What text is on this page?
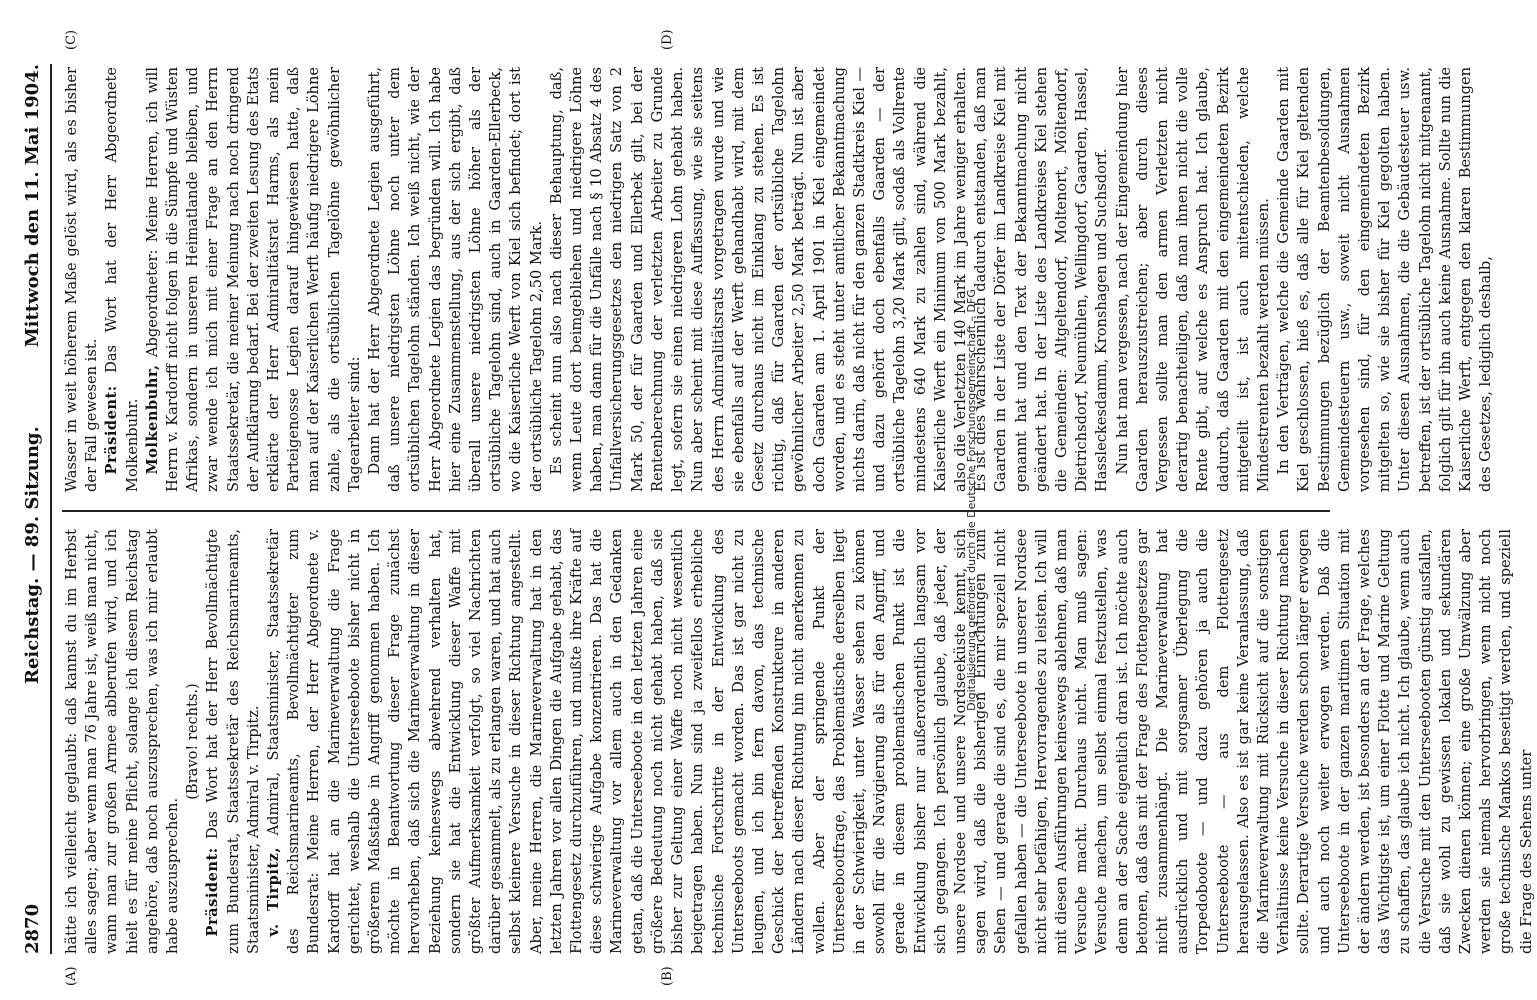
2870
Reichstag. — 89. Sitzung.
Mittwoch den 11. Mai 1904.
(A)	(B)
(C)	(D)

hätte ich vielleicht geglaubt: daß kannst du im Herbst alles sagen; aber wenn man 76 Jahre ist, weiß man nicht, wann man zur großen Armee abberufen wird, und ich hielt es für meine Pflicht, solange ich diesem Reichstag angehöre, daß noch auszusprechen, was ich mir erlaubt habe auszusprechen.

(Bravo! rechts.)

Präsident: Das Wort hat der Herr Bevollmächtigte zum Bundesrat, Staatssekretär des Reichsmarineamts, Staatsminister, Admiral v. Tirpitz. v. Tirpitz, Admiral, Staatsminister, Staatssekretär des Reichsmarineamts, Bevollmächtigter zum Bundesrat: Meine Herren, der Herr Abgeordnete v. Kardorff hat an die Marineverwaltung die Frage gerichtet, weshalb die Unterseeboote bisher nicht in größerem Maßstabe in Angriff genommen haben. Ich möchte in Beantwortung dieser Frage zunächst hervorheben, daß sich die Marineverwaltung in dieser Beziehung keineswegs abwehrend verhalten hat, sondern sie hat die Entwicklung dieser Waffe mit größter Aufmerksamkeit verfolgt, so viel Nachrichten darüber gesammelt, als zu erlangen waren, und hat auch selbst kleinere Versuche in dieser Richtung angestellt. Aber, meine Herren, die Marineverwaltung hat in den letzten Jahren vor allen Dingen die Aufgabe gehabt, das Flottengesetz durchzuführen, und mußte ihre Kräfte auf diese schwierige Aufgabe konzentrieren. Das hat die Marineverwaltung vor allem auch in den Gedanken getan, daß die Unterseeboote in den letzten Jahren eine größere Bedeutung noch nicht gehabt haben, daß sie bisher zur Geltung einer Waffe noch nicht wesentlich beigetragen haben. Nun sind ja zweifellos erhebliche technische Fortschritte in der Entwicklung des Unterseeboots gemacht worden. Das ist gar nicht zu leugnen, und ich bin fern davon, das technische Geschick der betreffenden Konstrukteure in anderen Ländern nach dieser Richtung hin nicht anerkennen zu wollen. Aber der springende Punkt der Unterseebootfrage, das Problematische derselben liegt in der Schwierigkeit, unter Wasser sehen zu können sowohl für die Navigierung als für den Angriff, und gerade in diesem problematischen Punkt ist die Entwicklung bisher nur außerordentlich langsam vor sich gegangen. Ich persönlich glaube, daß jeder, der unsere Nordsee und unsere Nordseeküste kennt, sich sagen wird, daß die bisherigen Einrichtungen zum Sehen — und gerade die sind es, die mir speziell nicht gefallen haben — die Unterseeboote in unserer Nordsee nicht sehr befähigen, Hervorragendes zu leisten. Ich will mit diesen Ausführungen keineswegs ablehnen, daß man Versuche macht. Durchaus nicht. Man muß sagen: Versuche machen, um selbst einmal festzustellen, was denn an der Sache eigentlich dran ist. Ich möchte auch betonen, daß das mit der Frage des Flottengesetzes gar nicht zusammenhängt. Die Marineverwaltung hat ausdrücklich und mit sorgsamer Überlegung die Torpedoboote — und dazu gehören ja auch die Unterseeboote — aus dem Flottengesetz herausgelassen. Also es ist gar keine Veranlassung, daß die Marineverwaltung mit Rücksicht auf die sonstigen Verhältnisse keine Versuche in dieser Richtung machen sollte. Derartige Versuche werden schon länger erwogen und auch noch weiter erwogen werden. Daß die Unterseeboote in der ganzen maritimen Situation mit der ändern werden, ist besonders an der Frage, welches das Wichtigste ist, um einer Flotte und Marine Geltung zu schaffen, das glaube ich nicht. Ich glaube, wenn auch die Versuche mit den Unterseebooten günstig ausfallen, daß sie wohl zu gewissen lokalen und sekundären Zwecken dienen können; eine große Umwälzung aber werden sie niemals hervorbringen, wenn nicht noch große technische Mankos beseitigt werden, und speziell die Frage des Sehens unter

Wasser in weit höherem Maße gelöst wird, als es bisher der Fall gewesen ist. Präsident: Das Wort hat der Herr Abgeordnete Molkenbuhr. Molkenbuhr, Abgeordneter: Meine Herren, ich will Herrn v. Kardorff nicht folgen in die Sümpfe und Wüsten Afrikas, sondern in unseren Heimatlande bleiben, und zwar wende ich mich mit einer Frage an den Herrn Staatssekretär, die meiner Meinung nach noch dringend der Aufklärung bedarf. Bei der zweiten Lesung des Etats erklärte der Herr Admiralitätsrat Harms, als mein Parteigenosse Legien darauf hingewiesen hatte, daß man auf der Kaiserlichen Werft häufig niedrigere Löhne zahle, als die ortsüblichen Tagelöhne gewöhnlicher Tagearbeiter sind: Dann hat der Herr Abgeordnete Legien ausgeführt, daß unsere niedrigsten Löhne noch unter dem ortsüblichen Tagelohn ständen. Ich weiß nicht, wie der Herr Abgeordnete Legien das begründen will. Ich habe hier eine Zusammenstellung, aus der sich ergibt, daß überall unsere niedrigsten Löhne höher als der ortsübliche Tagelohn sind, auch in Gaarden-Ellerbeck, wo die Kaiserliche Werft von Kiel sich befindet; dort ist der ortsübliche Tagelohn 2,50 Mark. Es scheint nun also nach dieser Behauptung, daß, wenn Leute dort beimgebliehen und niedrigere Löhne haben, man dann für die Unfälle nach § 10 Absatz 4 des Unfallversicherungsgesetzes den niedrigen Satz von 2 Mark 50, der für Gaarden und Ellerbek gilt, bei der Rentenberechnung der verletzten Arbeiter zu Grunde legt, sofern sie einen niedrigeren Lohn gehabt haben. Nun aber scheint mit diese Auffassung, wie sie seitens des Herrn Admiralitätsrats vorgetragen wurde und wie sie ebenfalls auf der Werft gehandhabt wird, mit dem Gesetz durchaus nicht im Einklang zu stehen. Es ist richtig, daß für Gaarden der ortsübliche Tagelohn gewöhnlicher Arbeiter 2,50 Mark beträgt. Nun ist aber doch Gaarden am 1. April 1901 in Kiel eingemeindet worden, und es steht unter amtlicher Bekanntmachung nichts darin, daß nicht für den ganzen Stadtkreis Kiel — und dazu gehört doch ebenfalls Gaarden — der ortsübliche Tagelohn 3,20 Mark gilt, sodaß als Vollrente mindestens 640 Mark zu zahlen sind, während die Kaiserliche Werft ein Minimum von 500 Mark bezahlt, also die Verletzten 140 Mark im Jahre weniger erhalten. Es ist dies wahrscheinlich dadurch entstanden, daß man Gaarden in der Liste der Dörfer im Landkreise Kiel mit genannt hat und den Text der Bekanntmachung nicht geändert hat. In der Liste des Landkreises Kiel stehen die Gemeinden: Altgeltendorf, Moltenort, Möltendorf, Dietrichsdorf, Neumühlen, Wellingdorf, Gaarden, Hassel, Hassleckesdamm, Kronshagen und Suchsdorf. Nun hat man vergessen, nach der Eingemeindung hier Gaarden herauszustreichen; aber durch dieses Vergessen sollte man den armen Verletzten nicht derartig benachteiligen, daß man ihnen nicht die volle Rente gibt, auf welche es Anspruch hat. Ich glaube, dadurch, daß Gaarden mit den eingemeindeten Bezirk mitgeteilt ist, ist auch mitentschieden, welche Mindestrenten bezahlt werden müssen. In den Verträgen, welche die Gemeinde Gaarden mit Kiel geschlossen, hieß es, daß alle für Kiel geltenden Bestimmungen bezüglich der Beamtenbesoldungen, Gemeindesteuern usw., soweit nicht Ausnahmen vorgesehen sind, für den eingemeindeten Bezirk mitgelten so, wie sie bisher für Kiel gegolten haben. Unter diesen Ausnahmen, die die Gebäudesteuer usw. betreffen, ist der ortsübliche Tagelohn nicht mitgenannt, folglich gilt für ihn auch keine Ausnahme. Sollte nun die Kaiserliche Werft, entgegen den klaren Bestimmungen des Gesetzes, lediglich deshalb,

Digitalisierung gefördert durch die Deutsche Forschungsgemeinschaft – DFG
